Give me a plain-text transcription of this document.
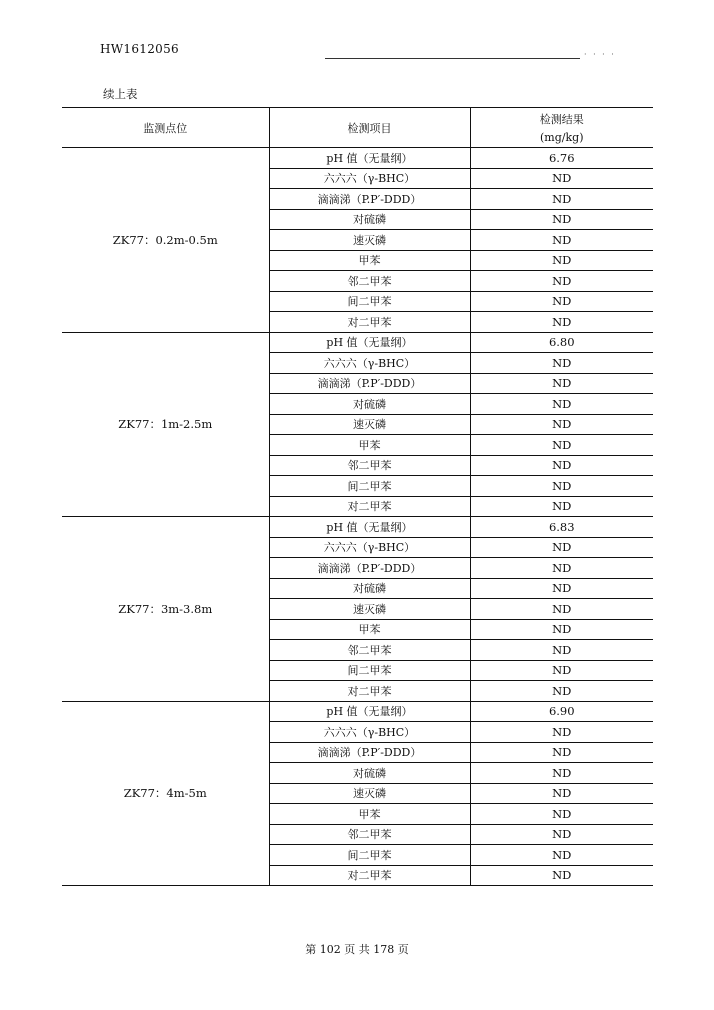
HW1612056	· · · ·
续上表
监测点位	检测项目	检测结果
(mg/kg)

ZK77：0.2m-0.5m	pH 值（无量纲）	6.76
	六六六（γ-BHC）	ND
	滴滴涕（P.P′-DDD）	ND
	对硫磷	ND
	速灭磷	ND
	甲苯	ND
	邻二甲苯	ND
	间二甲苯	ND
	对二甲苯	ND
ZK77：1m-2.5m	pH 值（无量纲）	6.80
	六六六（γ-BHC）	ND
	滴滴涕（P.P′-DDD）	ND
	对硫磷	ND
	速灭磷	ND
	甲苯	ND
	邻二甲苯	ND
	间二甲苯	ND
	对二甲苯	ND
ZK77：3m-3.8m	pH 值（无量纲）	6.83
	六六六（γ-BHC）	ND
	滴滴涕（P.P′-DDD）	ND
	对硫磷	ND
	速灭磷	ND
	甲苯	ND
	邻二甲苯	ND
	间二甲苯	ND
	对二甲苯	ND
ZK77：4m-5m	pH 值（无量纲）	6.90
	六六六（γ-BHC）	ND
	滴滴涕（P.P′-DDD）	ND
	对硫磷	ND
	速灭磷	ND
	甲苯	ND
	邻二甲苯	ND
	间二甲苯	ND
	对二甲苯	ND
第 102 页 共 178 页
